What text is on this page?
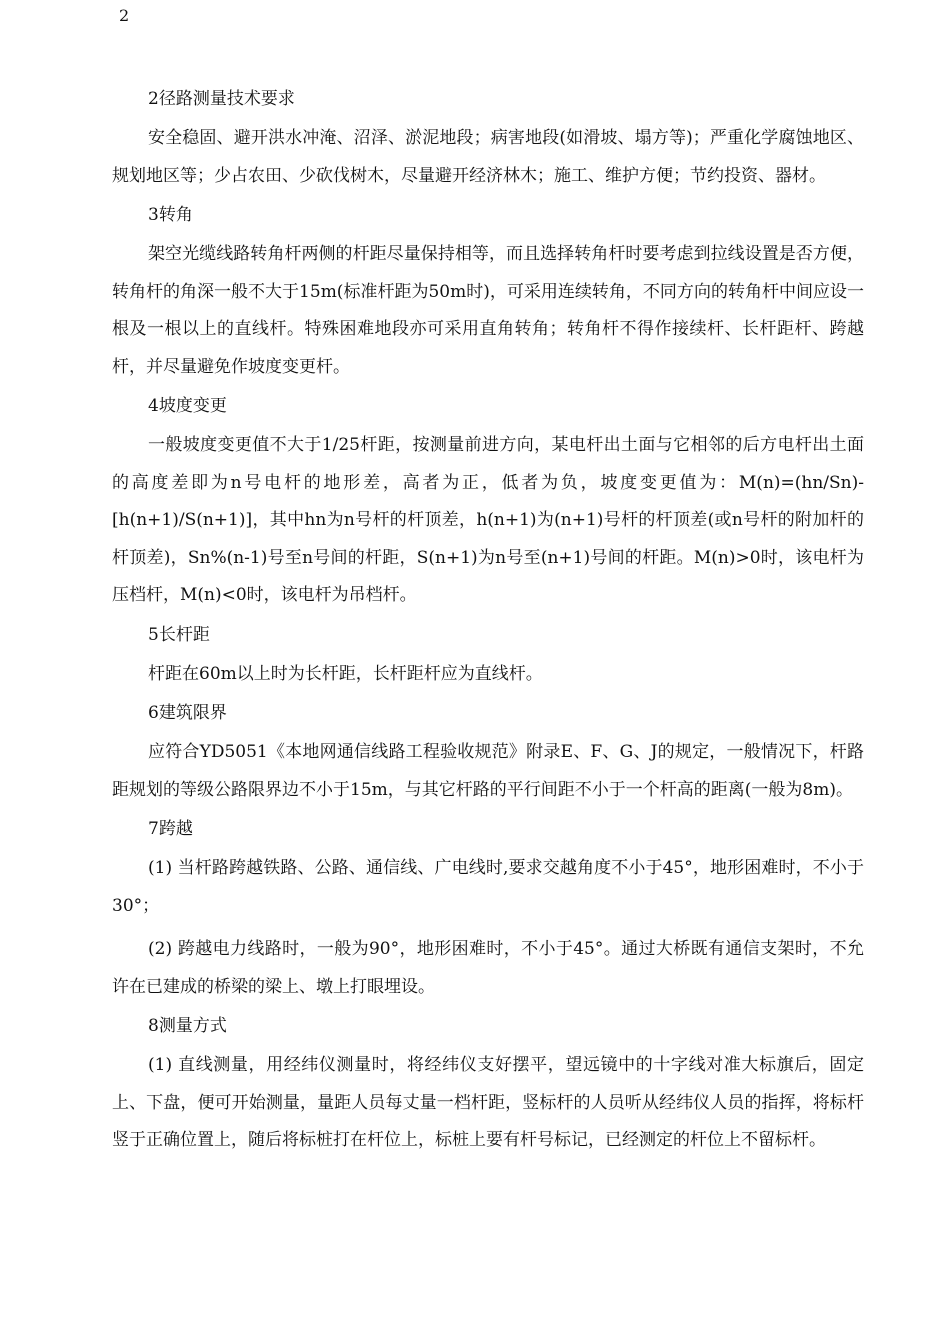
2
2径路测量技术要求

安全稳固、避开洪水冲淹、沼泽、淤泥地段；病害地段(如滑坡、塌方等)；严重化学腐蚀地区、规划地区等；少占农田、少砍伐树木，尽量避开经济林木；施工、维护方便；节约投资、器材。

3转角

架空光缆线路转角杆两侧的杆距尽量保持相等，而且选择转角杆时要考虑到拉线设置是否方便，转角杆的角深一般不大于15m(标准杆距为50m时)，可采用连续转角，不同方向的转角杆中间应设一根及一根以上的直线杆。特殊困难地段亦可采用直角转角；转角杆不得作接续杆、长杆距杆、跨越杆，并尽量避免作坡度变更杆。

4坡度变更

一般坡度变更值不大于1/25杆距，按测量前进方向，某电杆出土面与它相邻的后方电杆出土面的高度差即为n号电杆的地形差，高者为正，低者为负，坡度变更值为：M(n)=(hn/Sn)-[h(n+1)/S(n+1)]，其中hn为n号杆的杆顶差，h(n+1)为(n+1)号杆的杆顶差(或n号杆的附加杆的杆顶差)，Sn%(n-1)号至n号间的杆距，S(n+1)为n号至(n+1)号间的杆距。M(n)>0时，该电杆为压档杆，M(n)<0时，该电杆为吊档杆。

5长杆距

杆距在60m以上时为长杆距，长杆距杆应为直线杆。

6建筑限界

应符合YD5051《本地网通信线路工程验收规范》附录E、F、G、J的规定，一般情况下，杆路距规划的等级公路限界边不小于15m，与其它杆路的平行间距不小于一个杆高的距离(一般为8m)。

7跨越

(1) 当杆路跨越铁路、公路、通信线、广电线时,要求交越角度不小于45°，地形困难时，不小于30°；

(2) 跨越电力线路时，一般为90°，地形困难时，不小于45°。通过大桥既有通信支架时，不允许在已建成的桥梁的梁上、墩上打眼埋设。

8测量方式

(1) 直线测量，用经纬仪测量时，将经纬仪支好摆平，望远镜中的十字线对准大标旗后，固定上、下盘，便可开始测量，量距人员每丈量一档杆距，竖标杆的人员听从经纬仪人员的指挥，将标杆竖于正确位置上，随后将标桩打在杆位上，标桩上要有杆号标记，已经测定的杆位上不留标杆。
